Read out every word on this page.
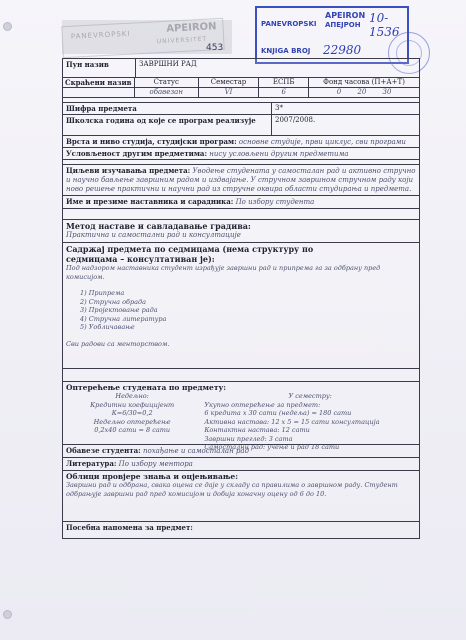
PANEVROPSKI
APEIRON
UNIVERSITET
453
PANEVROPSKI
APEIRON
АПЕЈРОН
KNJIGA BROJ
10-1536
22980
Пун назив	ЗАВРШНИ РАД
Скраћени назив	Статус	Семестар	ЕСПБ	Фонд часова (П+А+Т)
	обавезан	VI	6	0 20 30
Шифра предмета	3*
Школска година од које се програм реализује	2007/2008.
Врста и ниво студија, студијски програм: основне студије, први циклус, сви програми
Условљеност другим предметима: нису условљени другим предметима
Циљеви изучавања предмета: Уводење студената у самосталан рад и активно стручно и научно бављење завршним радом и издвајање. У стручном завршном стручном раду који ново решење практични и научни рад из стручне оквира области студирања и предмета.
Име и презиме наставника и сарадника: По избору студента
Метод наставе и савладавање градива:
Практична и самостални рад и консултације
Садржај предмета по седмицама (нема структуру по седмицама – консултативан је):
Под надзором наставника студент израђује завршни рад и припрема га за одбрану пред комисијом.
1) Припрема
2) Стручна обрада
3) Пројектовање рада
4) Стручна литература
5) Уобличавање
Сви радови са менторством.
Оптерећење студената по предмету:
Недељно:
Кредитни коефицијент
К=6/30=0,2
Недељно оптерећење
0,2х40 сати = 8 сати
У семестру:
Укупно оптерећење за предмет:
6 кредита х 30 сати (недеља) = 180 сати
Активна настава: 12 х 5 = 15 сати консултација
Контактна настава: 12 сати
Завршни преглед: 3 сата
Самостални рад: учење и рад 18 сати
Обавезе студента: похађање и самосталан рад
Литература: По избору ментора
Облици провјере знања и оцјењивање:
Завршни рад и одбрана, свака оцена се даје у складу са правилима о завршном раду. Студент одбрањује завршни рад пред комисијом и добија коначну оцену од 6 до 10.
Посебна напомена за предмет:
